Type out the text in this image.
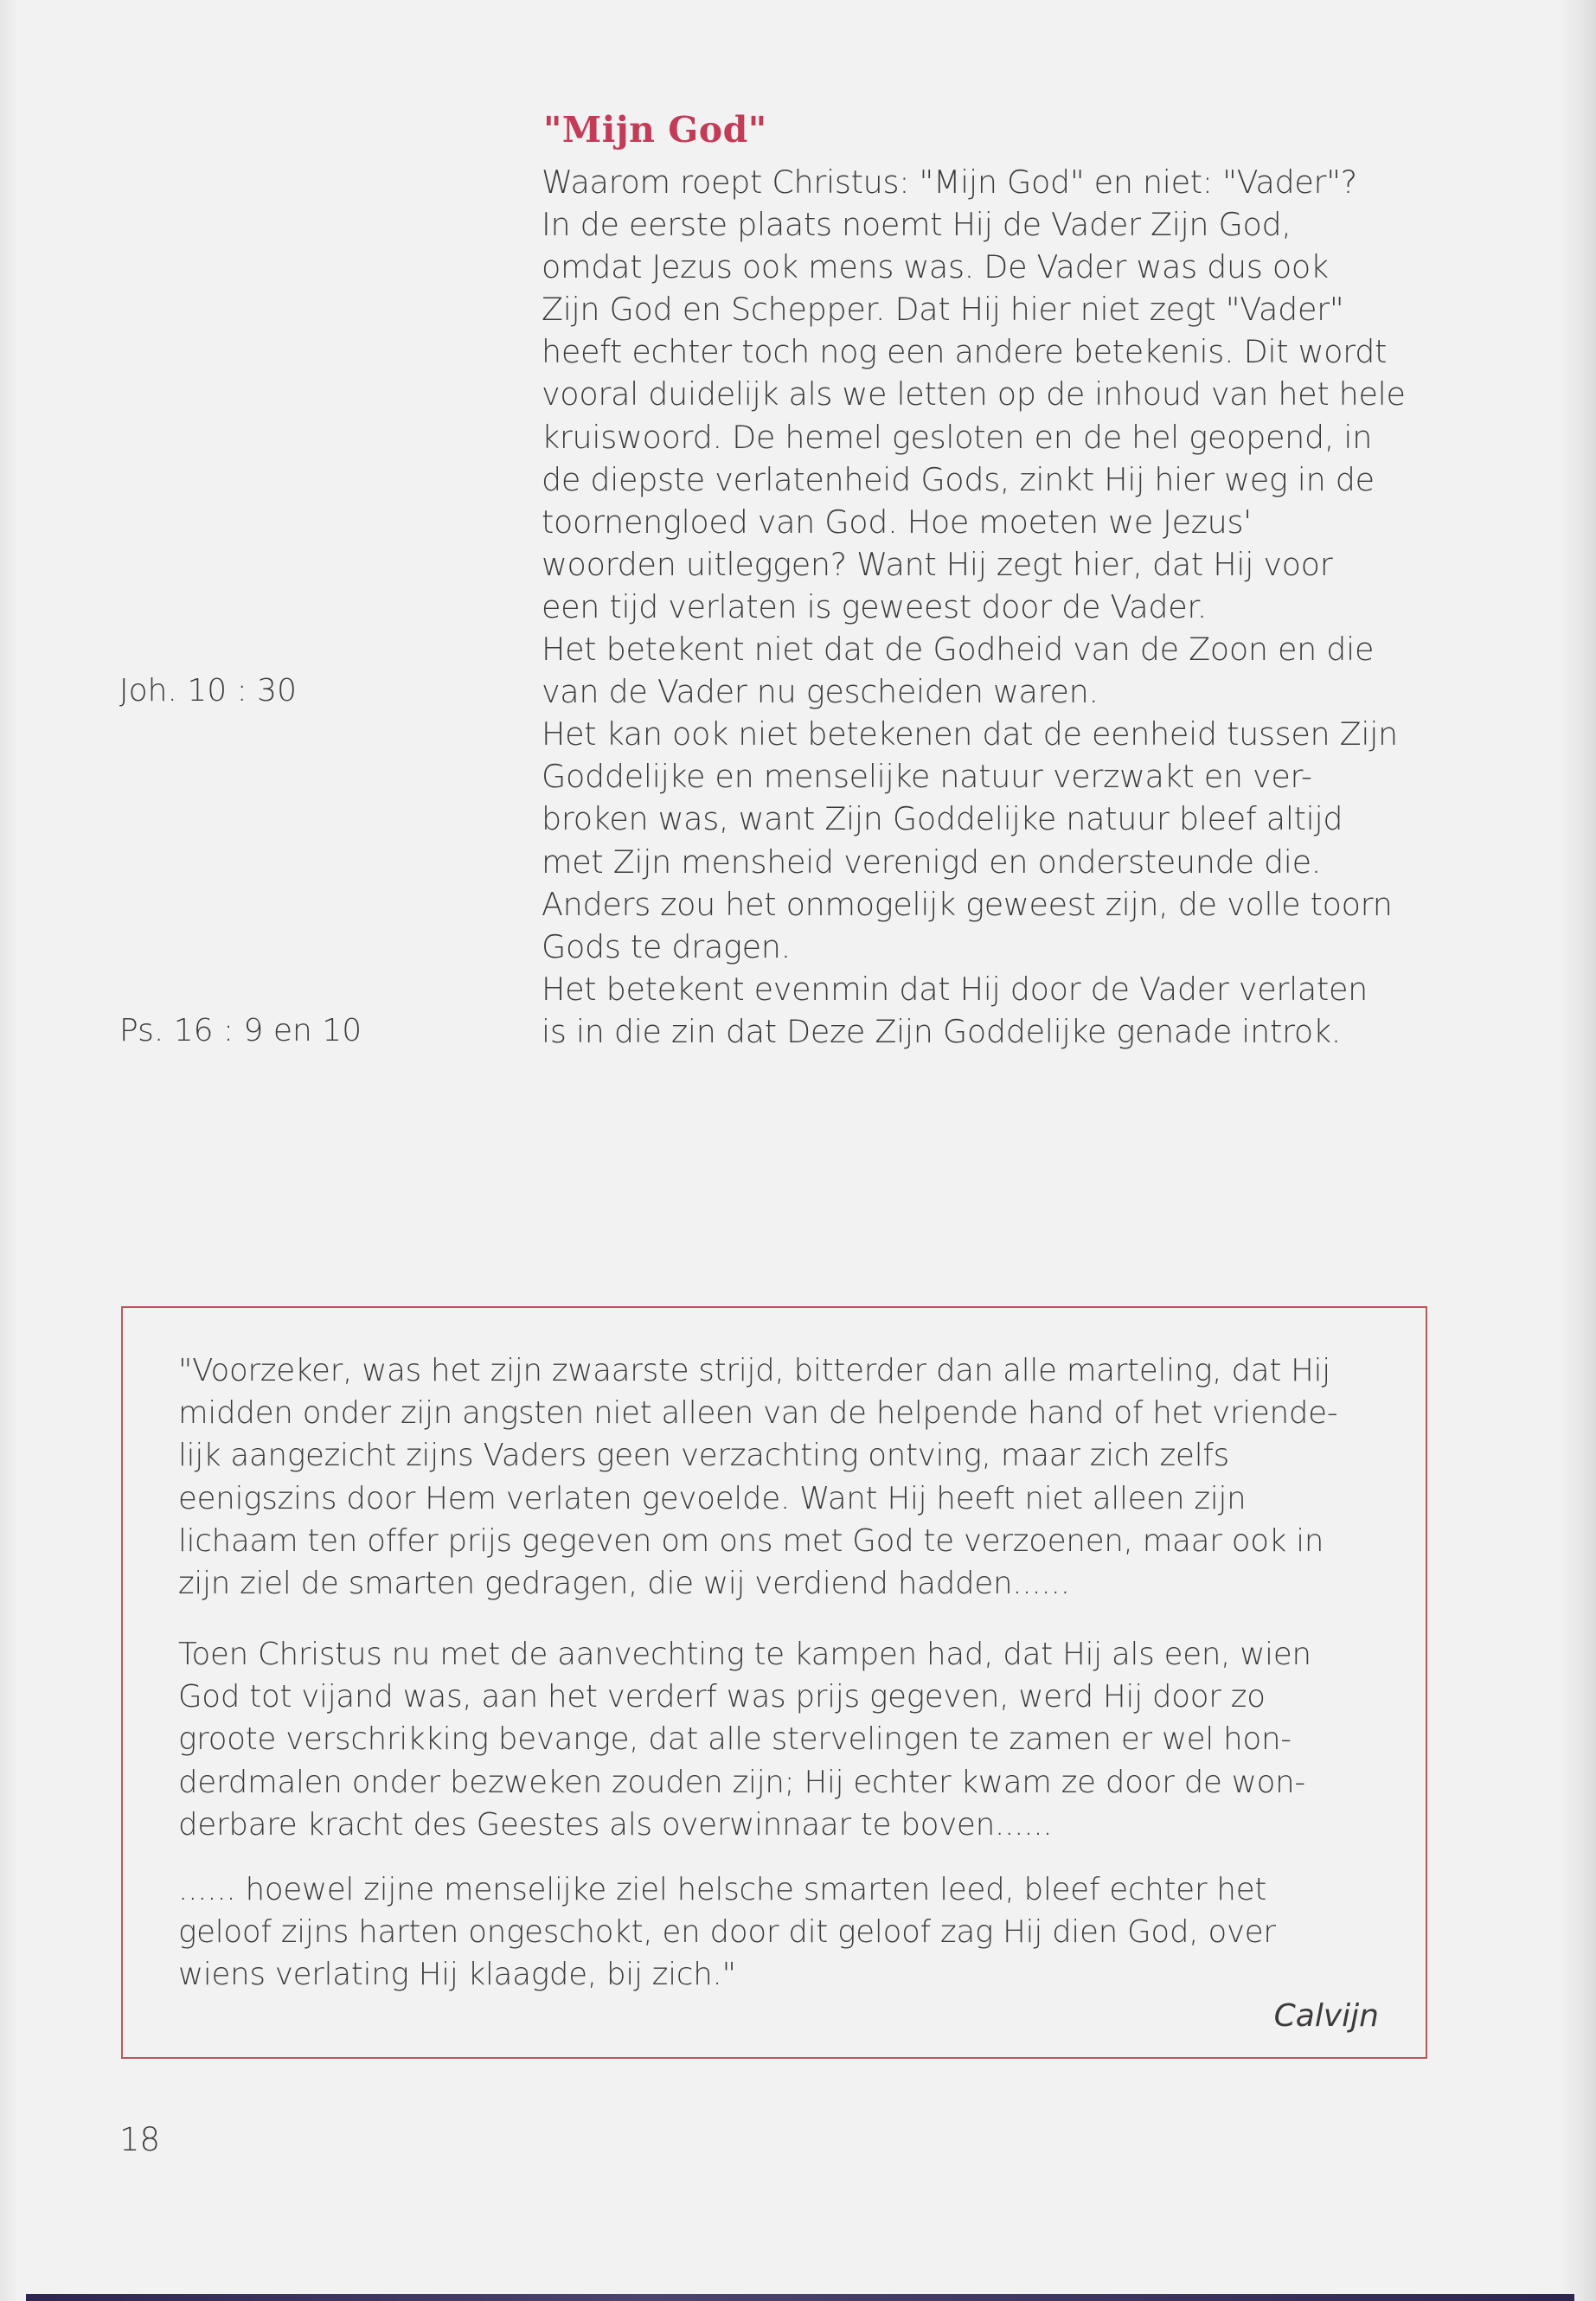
"Mijn God"
Waarom roept Christus: "Mijn God" en niet: "Vader"?
In de eerste plaats noemt Hij de Vader Zijn God,
omdat Jezus ook mens was. De Vader was dus ook
Zijn God en Schepper. Dat Hij hier niet zegt "Vader"
heeft echter toch nog een andere betekenis. Dit wordt
vooral duidelijk als we letten op de inhoud van het hele
kruiswoord. De hemel gesloten en de hel geopend, in
de diepste verlatenheid Gods, zinkt Hij hier weg in de
toornengloed van God. Hoe moeten we Jezus'
woorden uitleggen? Want Hij zegt hier, dat Hij voor
een tijd verlaten is geweest door de Vader.
Het betekent niet dat de Godheid van de Zoon en die
van de Vader nu gescheiden waren.
Het kan ook niet betekenen dat de eenheid tussen Zijn
Goddelijke en menselijke natuur verzwakt en ver-
broken was, want Zijn Goddelijke natuur bleef altijd
met Zijn mensheid verenigd en ondersteunde die.
Anders zou het onmogelijk geweest zijn, de volle toorn
Gods te dragen.
Het betekent evenmin dat Hij door de Vader verlaten
is in die zin dat Deze Zijn Goddelijke genade introk.
Joh. 10 : 30
Ps. 16 : 9 en 10
"Voorzeker, was het zijn zwaarste strijd, bitterder dan alle marteling, dat Hij
midden onder zijn angsten niet alleen van de helpende hand of het vriende-
lijk aangezicht zijns Vaders geen verzachting ontving, maar zich zelfs
eenigszins door Hem verlaten gevoelde. Want Hij heeft niet alleen zijn
lichaam ten offer prijs gegeven om ons met God te verzoenen, maar ook in
zijn ziel de smarten gedragen, die wij verdiend hadden......
Toen Christus nu met de aanvechting te kampen had, dat Hij als een, wien
God tot vijand was, aan het verderf was prijs gegeven, werd Hij door zo
groote verschrikking bevange, dat alle stervelingen te zamen er wel hon-
derdmalen onder bezweken zouden zijn; Hij echter kwam ze door de won-
derbare kracht des Geestes als overwinnaar te boven......
...... hoewel zijne menselijke ziel helsche smarten leed, bleef echter het
geloof zijns harten ongeschokt, en door dit geloof zag Hij dien God, over
wiens verlating Hij klaagde, bij zich."
Calvijn
18
